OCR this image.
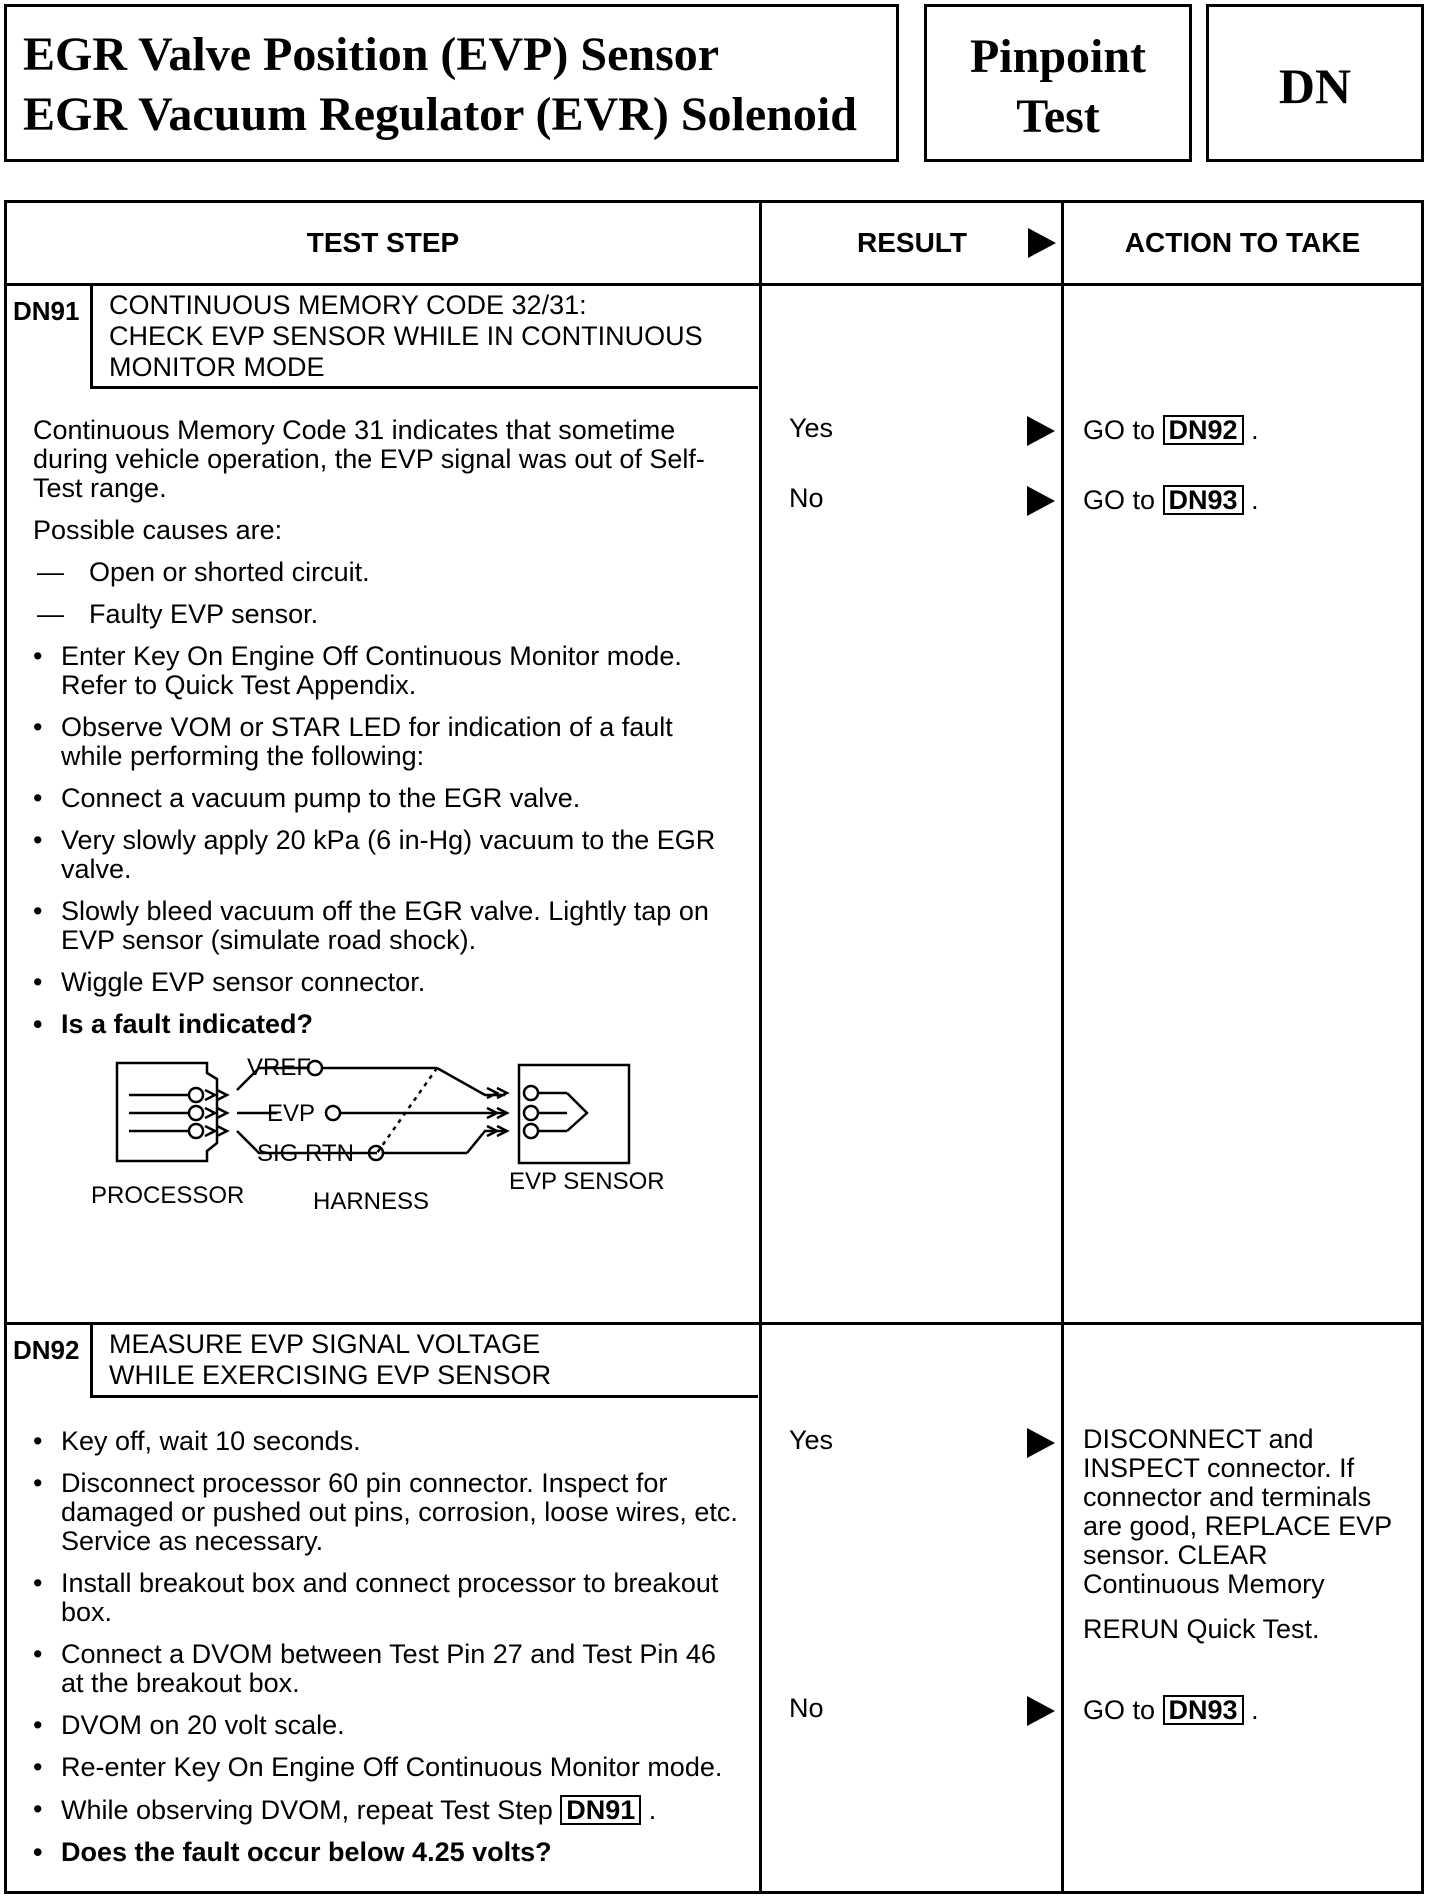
EGR Valve Position (EVP) Sensor
EGR Vacuum Regulator (EVR) Solenoid
Pinpoint
Test
DN
TEST STEP	RESULT	ACTION TO TAKE
DN91 CONTINUOUS MEMORY CODE 32/31:
CHECK EVP SENSOR WHILE IN CONTINUOUS
MONITOR MODE

Continuous Memory Code 31 indicates that sometime during vehicle operation, the EVP signal was out of Self-Test range.

Possible causes are:

— Open or shorted circuit.

— Faulty EVP sensor.

• Enter Key On Engine Off Continuous Monitor mode. Refer to Quick Test Appendix.

• Observe VOM or STAR LED for indication of a fault while performing the following:

• Connect a vacuum pump to the EGR valve.

• Very slowly apply 20 kPa (6 in-Hg) vacuum to the EGR valve.

• Slowly bleed vacuum off the EGR valve. Lightly tap on EVP sensor (simulate road shock).

• Wiggle EVP sensor connector.

• Is a fault indicated?

VREF
EVP
SIG RTN
PROCESSOR	HARNESS
EVP SENSOR
Yes	GO to DN92 .
No	GO to DN93 .
DN92 MEASURE EVP SIGNAL VOLTAGE
WHILE EXERCISING EVP SENSOR

• Key off, wait 10 seconds.

• Disconnect processor 60 pin connector. Inspect for damaged or pushed out pins, corrosion, loose wires, etc. Service as necessary.

• Install breakout box and connect processor to breakout box.

• Connect a DVOM between Test Pin 27 and Test Pin 46 at the breakout box.

• DVOM on 20 volt scale.

• Re-enter Key On Engine Off Continuous Monitor mode.

• While observing DVOM, repeat Test Step DN91 .

• Does the fault occur below 4.25 volts?

Yes	DISCONNECT and INSPECT connector. If connector and terminals are good, REPLACE EVP sensor. CLEAR Continuous Memory

RERUN Quick Test.

No	GO to DN93 .
